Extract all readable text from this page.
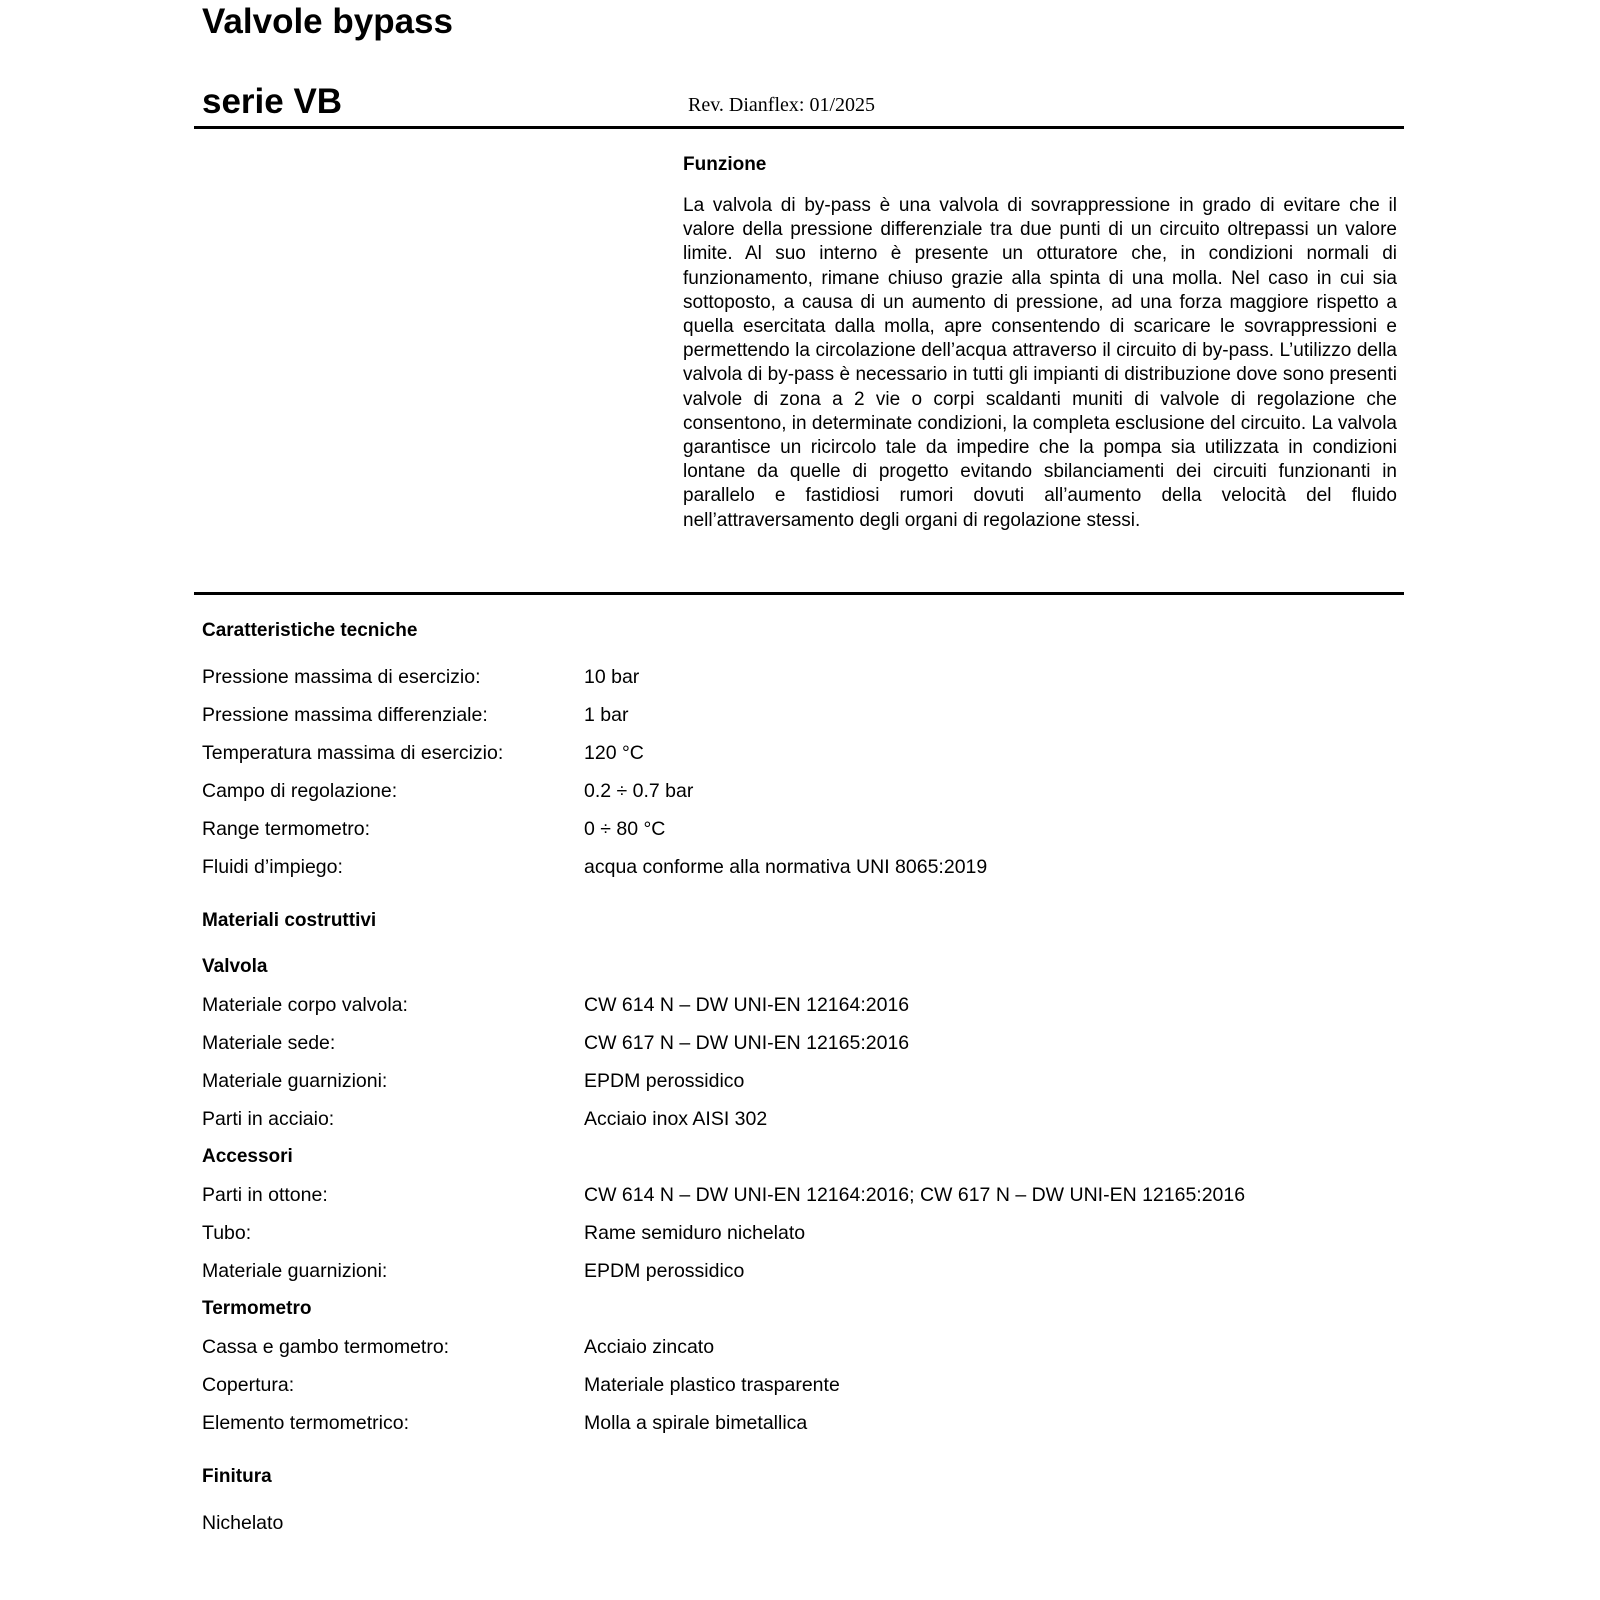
Valvole bypass
serie VB	Rev. Dianflex: 01/2025
Funzione

La valvola di by-pass è una valvola di sovrappressione in grado di evitare che il valore della pressione differenziale tra due punti di un circuito oltrepassi un valore limite. Al suo interno è presente un otturatore che, in condizioni normali di funzionamento, rimane chiuso grazie alla spinta di una molla. Nel caso in cui sia sottoposto, a causa di un aumento di pressione, ad una forza maggiore rispetto a quella esercitata dalla molla, apre consentendo di scaricare le sovrappressioni e permettendo la circolazione dell’acqua attraverso il circuito di by-pass. L’utilizzo della valvola di by-pass è necessario in tutti gli impianti di distribuzione dove sono presenti valvole di zona a 2 vie o corpi scaldanti muniti di valvole di regolazione che consentono, in determinate condizioni, la completa esclusione del circuito. La valvola garantisce un ricircolo tale da impedire che la pompa sia utilizzata in condizioni lontane da quelle di progetto evitando sbilanciamenti dei circuiti funzionanti in parallelo e fastidiosi rumori dovuti all’aumento della velocità del fluido nell’attraversamento degli organi di regolazione stessi.

Caratteristiche tecniche
Pressione massima di esercizio:	10 bar
Pressione massima differenziale:	1 bar
Temperatura massima di esercizio:	120 °C
Campo di regolazione:	0.2 ÷ 0.7 bar
Range termometro:	0 ÷ 80 °C
Fluidi d’impiego:	acqua conforme alla normativa UNI 8065:2019
Materiali costruttivi
Valvola
Materiale corpo valvola:	CW 614 N – DW UNI-EN 12164:2016
Materiale sede:	CW 617 N – DW UNI-EN 12165:2016
Materiale guarnizioni:	EPDM perossidico
Parti in acciaio:	Acciaio inox AISI 302
Accessori
Parti in ottone:	CW 614 N – DW UNI-EN 12164:2016; CW 617 N – DW UNI-EN 12165:2016
Tubo:	Rame semiduro nichelato
Materiale guarnizioni:	EPDM perossidico
Termometro
Cassa e gambo termometro:	Acciaio zincato
Copertura:	Materiale plastico trasparente
Elemento termometrico:	Molla a spirale bimetallica
Finitura
Nichelato
